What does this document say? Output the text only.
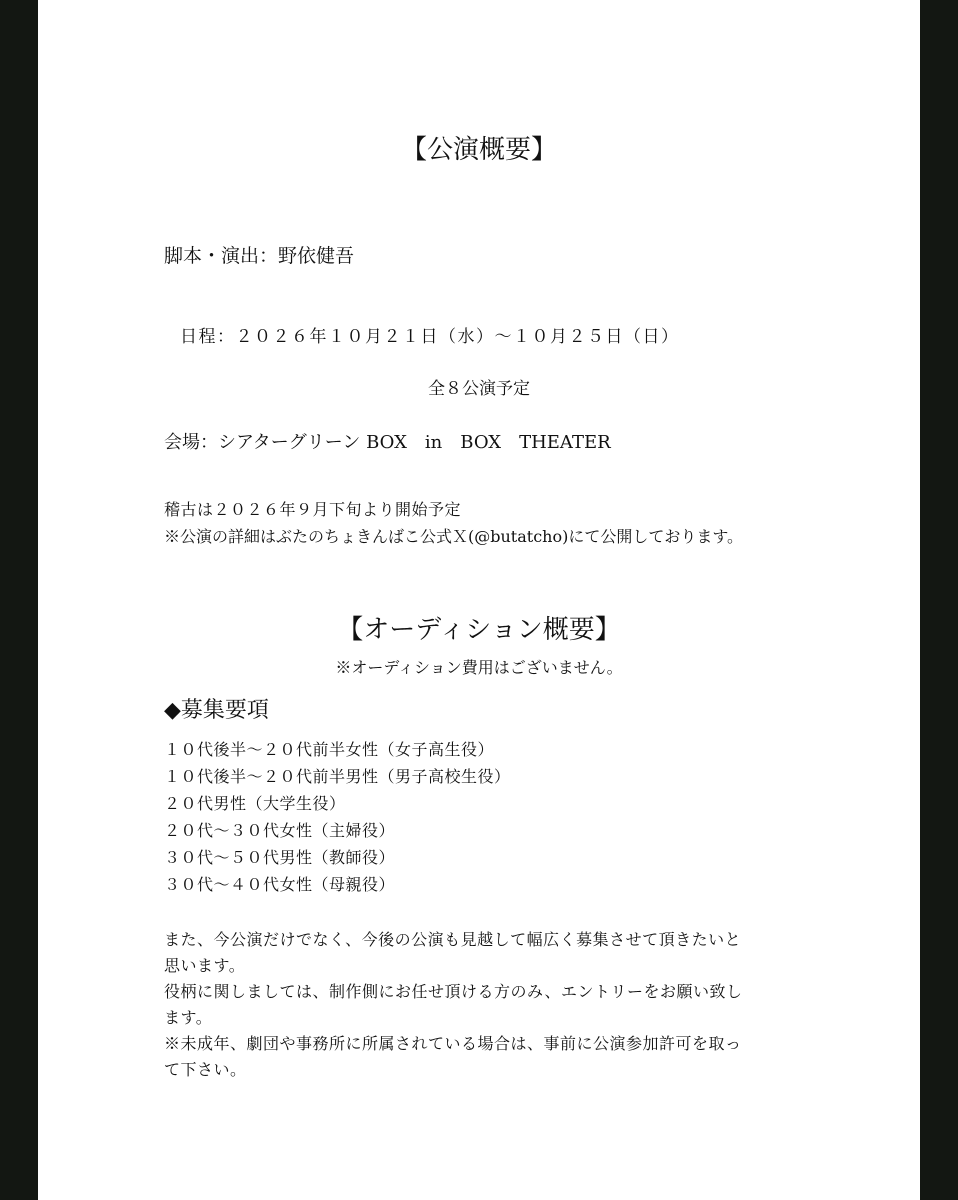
【公演概要】
脚本・演出：野依健吾
日程：２０２６年１０月２１日（水）～１０月２５日（日）
全８公演予定
会場：シアターグリーン BOX　in　BOX　THEATER
稽古は２０２６年９月下旬より開始予定
※公演の詳細はぶたのちょきんばこ公式Ｘ(@butatcho)にて公開しております。
【オーディション概要】
※オーディション費用はございません。
◆募集要項
１０代後半～２０代前半女性（女子高生役）
１０代後半～２０代前半男性（男子高校生役）
２０代男性（大学生役）
２０代～３０代女性（主婦役）
３０代～５０代男性（教師役）
３０代～４０代女性（母親役）
また、今公演だけでなく、今後の公演も見越して幅広く募集させて頂きたいと
思います。
役柄に関しましては、制作側にお任せ頂ける方のみ、エントリーをお願い致し
ます。
※未成年、劇団や事務所に所属されている場合は、事前に公演参加許可を取っ
て下さい。
